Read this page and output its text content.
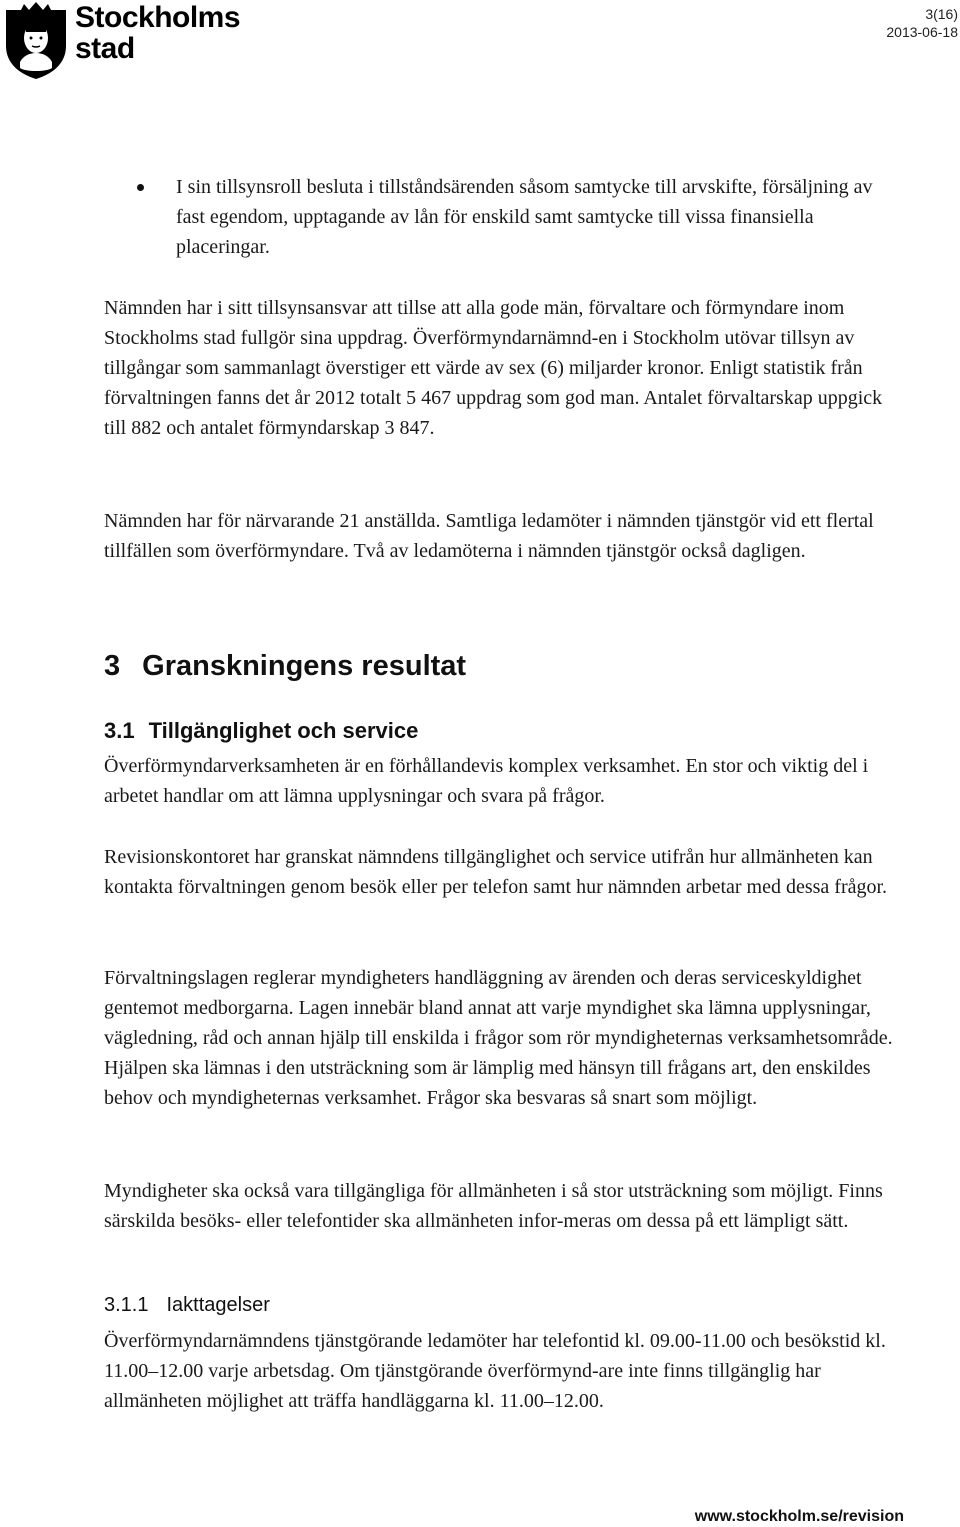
Stockholms
stad
3(16)
2013-06-18

I sin tillsynsroll besluta i tillståndsärenden såsom samtycke till arvskifte, försäljning av fast egendom, upptagande av lån för enskild samt samtycke till vissa finansiella placeringar.

Nämnden har i sitt tillsynsansvar att tillse att alla gode män, förvaltare och förmyndare inom Stockholms stad fullgör sina uppdrag. Överförmyndarnämnd-en i Stockholm utövar tillsyn av tillgångar som sammanlagt överstiger ett värde av sex (6) miljarder kronor. Enligt statistik från förvaltningen fanns det år 2012 totalt 5 467 uppdrag som god man. Antalet förvaltarskap uppgick till 882 och antalet förmyndarskap 3 847.

Nämnden har för närvarande 21 anställda. Samtliga ledamöter i nämnden tjänstgör vid ett flertal tillfällen som överförmyndare. Två av ledamöterna i nämnden tjänstgör också dagligen.

3 Granskningens resultat
3.1 Tillgänglighet och service

Överförmyndarverksamheten är en förhållandevis komplex verksamhet. En stor och viktig del i arbetet handlar om att lämna upplysningar och svara på frågor.

Revisionskontoret har granskat nämndens tillgänglighet och service utifrån hur allmänheten kan kontakta förvaltningen genom besök eller per telefon samt hur nämnden arbetar med dessa frågor.

Förvaltningslagen reglerar myndigheters handläggning av ärenden och deras serviceskyldighet gentemot medborgarna. Lagen innebär bland annat att varje myndighet ska lämna upplysningar, vägledning, råd och annan hjälp till enskilda i frågor som rör myndigheternas verksamhetsområde. Hjälpen ska lämnas i den utsträckning som är lämplig med hänsyn till frågans art, den enskildes behov och myndigheternas verksamhet. Frågor ska besvaras så snart som möjligt.

Myndigheter ska också vara tillgängliga för allmänheten i så stor utsträckning som möjligt. Finns särskilda besöks- eller telefontider ska allmänheten infor-meras om dessa på ett lämpligt sätt.

3.1.1 Iakttagelser

Överförmyndarnämndens tjänstgörande ledamöter har telefontid kl. 09.00-11.00 och besökstid kl. 11.00–12.00 varje arbetsdag. Om tjänstgörande överförmynd-are inte finns tillgänglig har allmänheten möjlighet att träffa handläggarna kl. 11.00–12.00.

www.stockholm.se/revision
